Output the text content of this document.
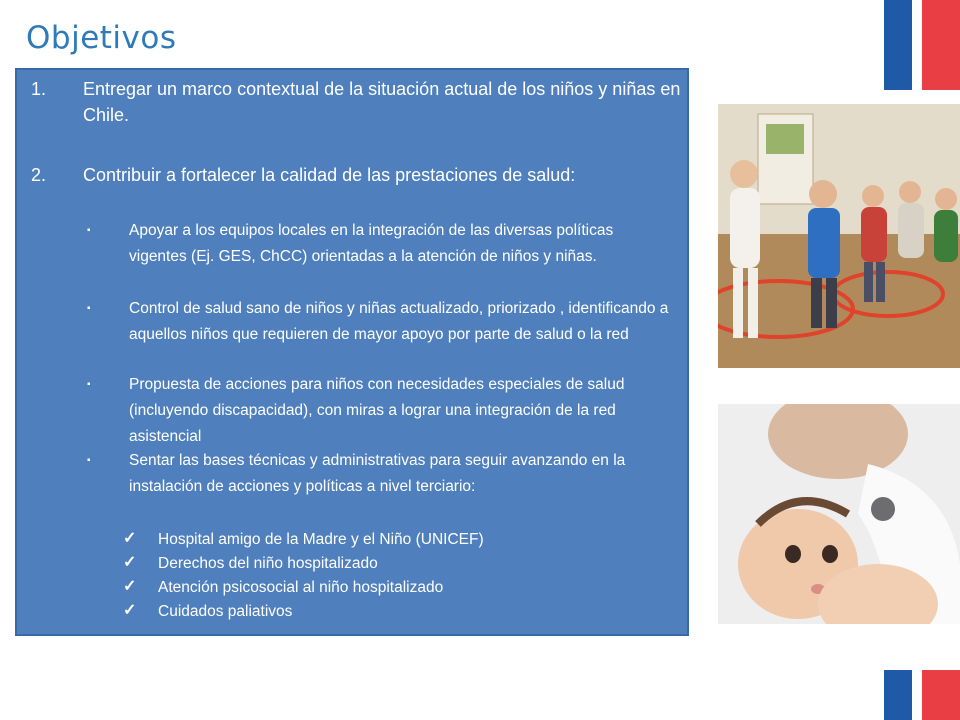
Objetivos
1.	Entregar un marco contextual de la situación actual de los niños y niñas en Chile.
2.	Contribuir a fortalecer la calidad de las prestaciones de salud:
▪ Apoyar a los equipos locales en la integración de las diversas políticas vigentes (Ej. GES, ChCC) orientadas a la atención de niños y niñas.
▪ Control de salud sano de niños y niñas actualizado, priorizado , identificando a aquellos niños que requieren de mayor apoyo por parte de salud o la red
▪ Propuesta de acciones para niños con necesidades especiales de salud (incluyendo discapacidad), con miras a lograr una integración de la red asistencial
▪ Sentar las bases técnicas y administrativas para seguir avanzando en la instalación de acciones y políticas a nivel terciario:
✓ Hospital amigo de la Madre y el Niño (UNICEF)
✓ Derechos del niño hospitalizado
✓ Atención psicosocial al niño hospitalizado
✓ Cuidados paliativos
